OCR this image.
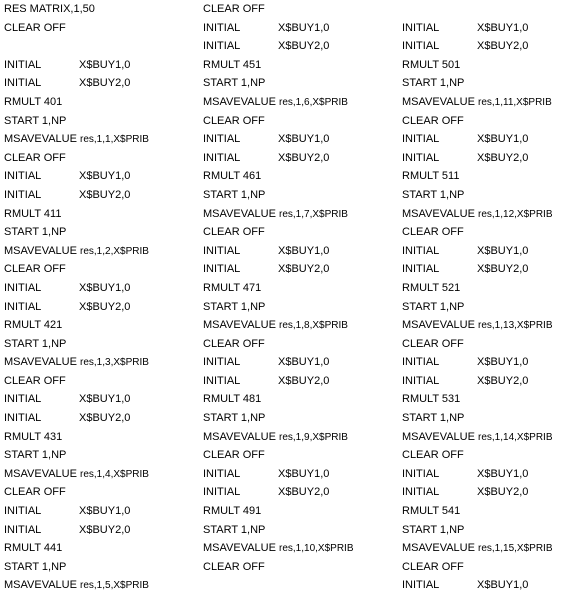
RES MATRIX,1,50
CLEAR OFF
INITIAL	X$BUY1,0
INITIAL	X$BUY2,0
RMULT 401
START 1,NP
MSAVEVALUE res,1,1,X$PRIB
CLEAR OFF
INITIAL	X$BUY1,0
INITIAL	X$BUY2,0
RMULT 411
START 1,NP
MSAVEVALUE res,1,2,X$PRIB
CLEAR OFF
INITIAL	X$BUY1,0
INITIAL	X$BUY2,0
RMULT 421
START 1,NP
MSAVEVALUE res,1,3,X$PRIB
CLEAR OFF
INITIAL	X$BUY1,0
INITIAL	X$BUY2,0
RMULT 431
START 1,NP
MSAVEVALUE res,1,4,X$PRIB
CLEAR OFF
INITIAL	X$BUY1,0
INITIAL	X$BUY2,0
RMULT 441
START 1,NP
MSAVEVALUE res,1,5,X$PRIB
CLEAR OFF
INITIAL	X$BUY1,0
INITIAL	X$BUY2,0
RMULT 451
START 1,NP
MSAVEVALUE res,1,6,X$PRIB
CLEAR OFF
INITIAL	X$BUY1,0
INITIAL	X$BUY2,0
RMULT 461
START 1,NP
MSAVEVALUE res,1,7,X$PRIB
CLEAR OFF
INITIAL	X$BUY1,0
INITIAL	X$BUY2,0
RMULT 471
START 1,NP
MSAVEVALUE res,1,8,X$PRIB
CLEAR OFF
INITIAL	X$BUY1,0
INITIAL	X$BUY2,0
RMULT 481
START 1,NP
MSAVEVALUE res,1,9,X$PRIB
CLEAR OFF
INITIAL	X$BUY1,0
INITIAL	X$BUY2,0
RMULT 491
START 1,NP
MSAVEVALUE res,1,10,X$PRIB
CLEAR OFF
INITIAL	X$BUY1,0
INITIAL	X$BUY2,0
RMULT 501
START 1,NP
MSAVEVALUE res,1,11,X$PRIB
CLEAR OFF
INITIAL	X$BUY1,0
INITIAL	X$BUY2,0
RMULT 511
START 1,NP
MSAVEVALUE res,1,12,X$PRIB
CLEAR OFF
INITIAL	X$BUY1,0
INITIAL	X$BUY2,0
RMULT 521
START 1,NP
MSAVEVALUE res,1,13,X$PRIB
CLEAR OFF
INITIAL	X$BUY1,0
INITIAL	X$BUY2,0
RMULT 531
START 1,NP
MSAVEVALUE res,1,14,X$PRIB
CLEAR OFF
INITIAL	X$BUY1,0
INITIAL	X$BUY2,0
RMULT 541
START 1,NP
MSAVEVALUE res,1,15,X$PRIB
CLEAR OFF
INITIAL	X$BUY1,0
